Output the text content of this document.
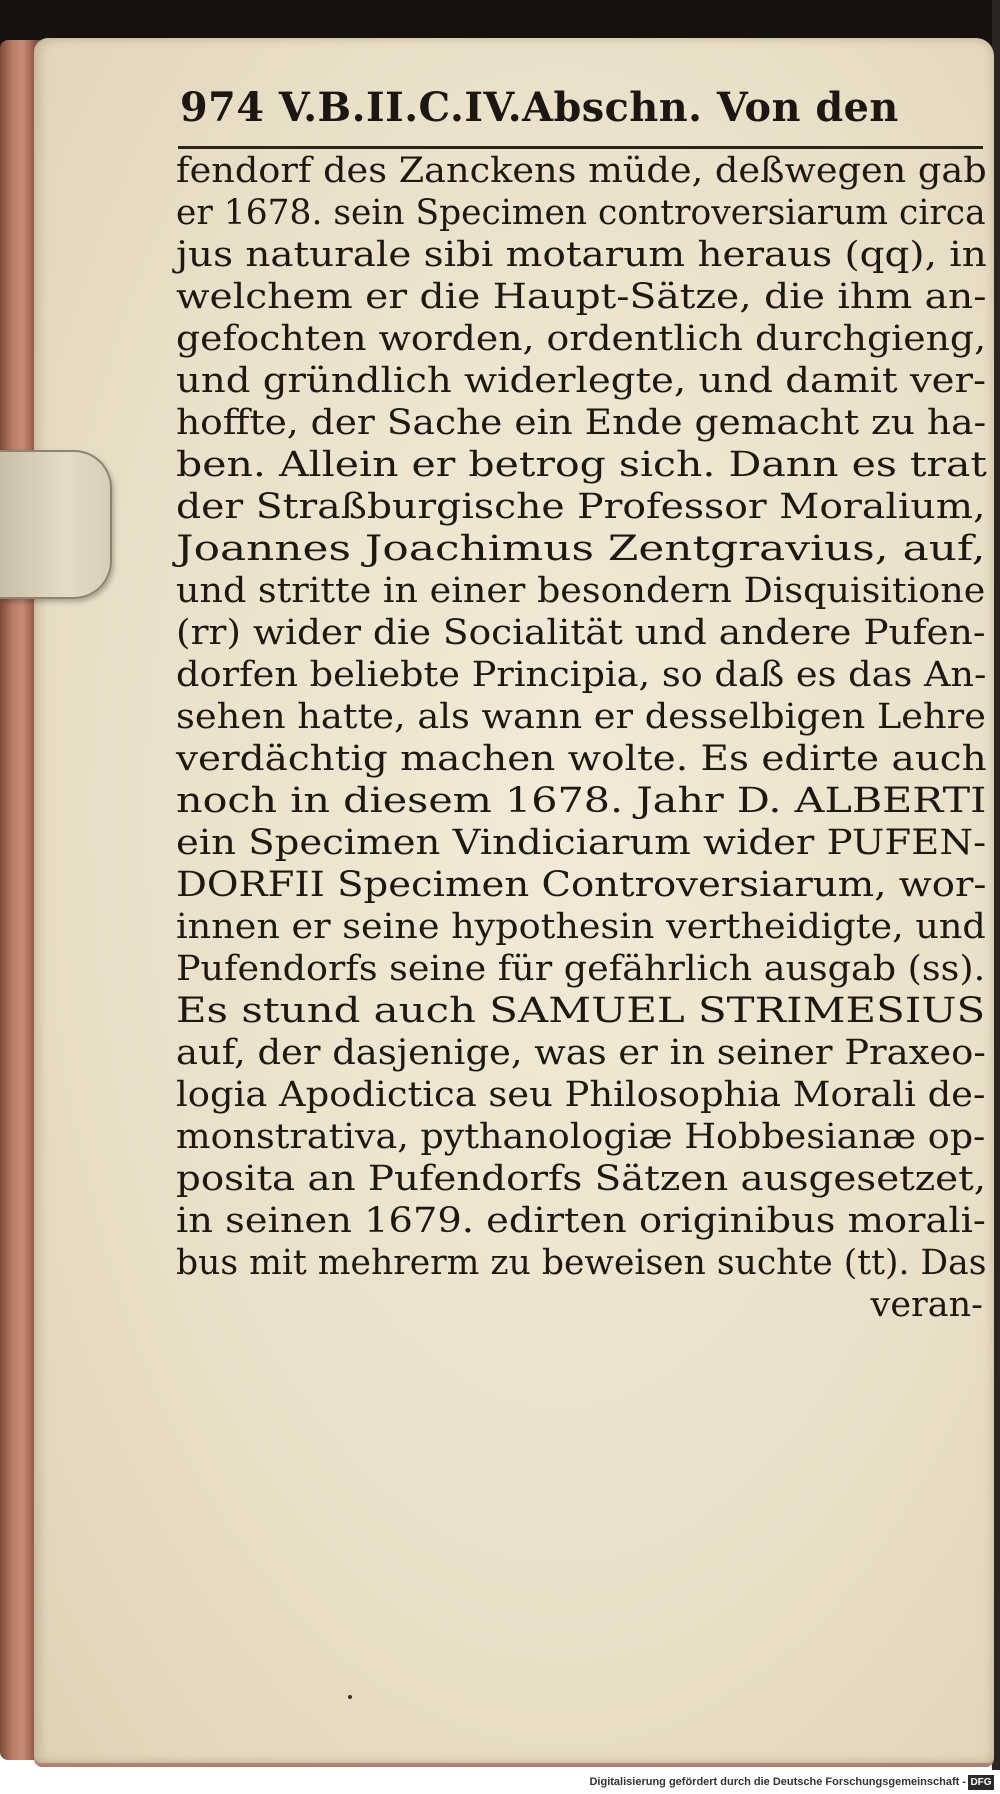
974 V.B.II.C.IV.Abschn. Von den
fendorf des Zanckens müde, deßwegen gab
er 1678. sein Specimen controversiarum circa
jus naturale sibi motarum heraus (qq), in
welchem er die Haupt-Sätze, die ihm an-
gefochten worden, ordentlich durchgieng,
und gründlich widerlegte, und damit ver-
hoffte, der Sache ein Ende gemacht zu ha-
ben. Allein er betrog sich. Dann es trat
der Straßburgische Professor Moralium,
Joannes Joachimus Zentgravius, auf,
und stritte in einer besondern Disquisitione
(rr) wider die Socialität und andere Pufen-
dorfen beliebte Principia, so daß es das An-
sehen hatte, als wann er desselbigen Lehre
verdächtig machen wolte. Es edirte auch
noch in diesem 1678. Jahr D. ALBERTI
ein Specimen Vindiciarum wider PUFEN-
DORFII Specimen Controversiarum, wor-
innen er seine hypothesin vertheidigte, und
Pufendorfs seine für gefährlich ausgab (ss).
Es stund auch SAMUEL STRIMESIUS
auf, der dasjenige, was er in seiner Praxeo-
logia Apodictica seu Philosophia Morali de-
monstrativa, pythanologiæ Hobbesianæ op-
posita an Pufendorfs Sätzen ausgesetzet,
in seinen 1679. edirten originibus morali-
bus mit mehrerm zu beweisen suchte (tt). Das
veran-
Digitalisierung gefördert durch die Deutsche Forschungsgemeinschaft - DFG
